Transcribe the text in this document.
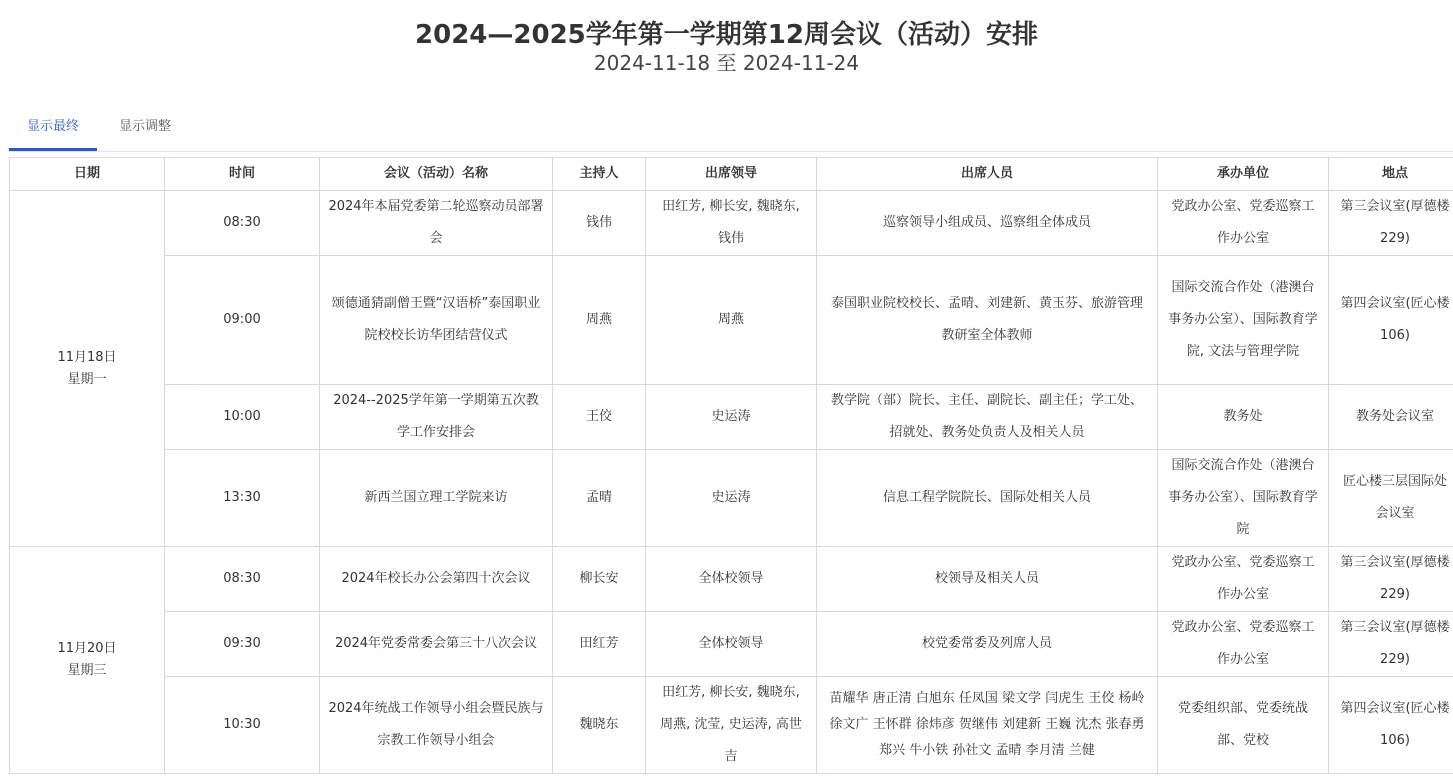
2024—2025学年第一学期第12周会议（活动）安排
2024-11-18 至 2024-11-24
显示最终	显示调整
日期	时间	会议（活动）名称	主持人	出席领导	出席人员	承办单位	地点

11月18日
星期一	08:30	2024年本届党委第二轮巡察动员部署会	钱伟	田红芳, 柳长安, 魏晓东, 钱伟	巡察领导小组成员、巡察组全体成员	党政办公室、党委巡察工作办公室	第三会议室(厚德楼229)
	09:00	颂德通猜副僧王暨“汉语桥”泰国职业院校校长访华团结营仪式	周燕	周燕	泰国职业院校校长、孟晴、刘建新、黄玉芬、旅游管理教研室全体教师	国际交流合作处（港澳台事务办公室）、国际教育学院, 文法与管理学院	第四会议室(匠心楼106)
	10:00	2024--2025学年第一学期第五次教学工作安排会	王佼	史运涛	教学院（部）院长、主任、副院长、副主任；学工处、招就处、教务处负责人及相关人员	教务处	教务处会议室
	13:30	新西兰国立理工学院来访	孟晴	史运涛	信息工程学院院长、国际处相关人员	国际交流合作处（港澳台事务办公室）、国际教育学院	匠心楼三层国际处会议室

11月20日
星期三	08:30	2024年校长办公会第四十次会议	柳长安	全体校领导	校领导及相关人员	党政办公室、党委巡察工作办公室	第三会议室(厚德楼229)
	09:30	2024年党委常委会第三十八次会议	田红芳	全体校领导	校党委常委及列席人员	党政办公室、党委巡察工作办公室	第三会议室(厚德楼229)
	10:30	2024年统战工作领导小组会暨民族与宗教工作领导小组会	魏晓东	田红芳, 柳长安, 魏晓东, 周燕, 沈莹, 史运涛, 高世吉	苗耀华 唐正清 白旭东 任凤国 梁文学 闫虎生 王佼 杨岭 徐文广 王怀群 徐炜彦 贺继伟 刘建新 王巍 沈杰 张春勇 郑兴 牛小铁 孙社文 孟晴 李月清 兰健	党委组织部、党委统战部、党校	第四会议室(匠心楼106)
